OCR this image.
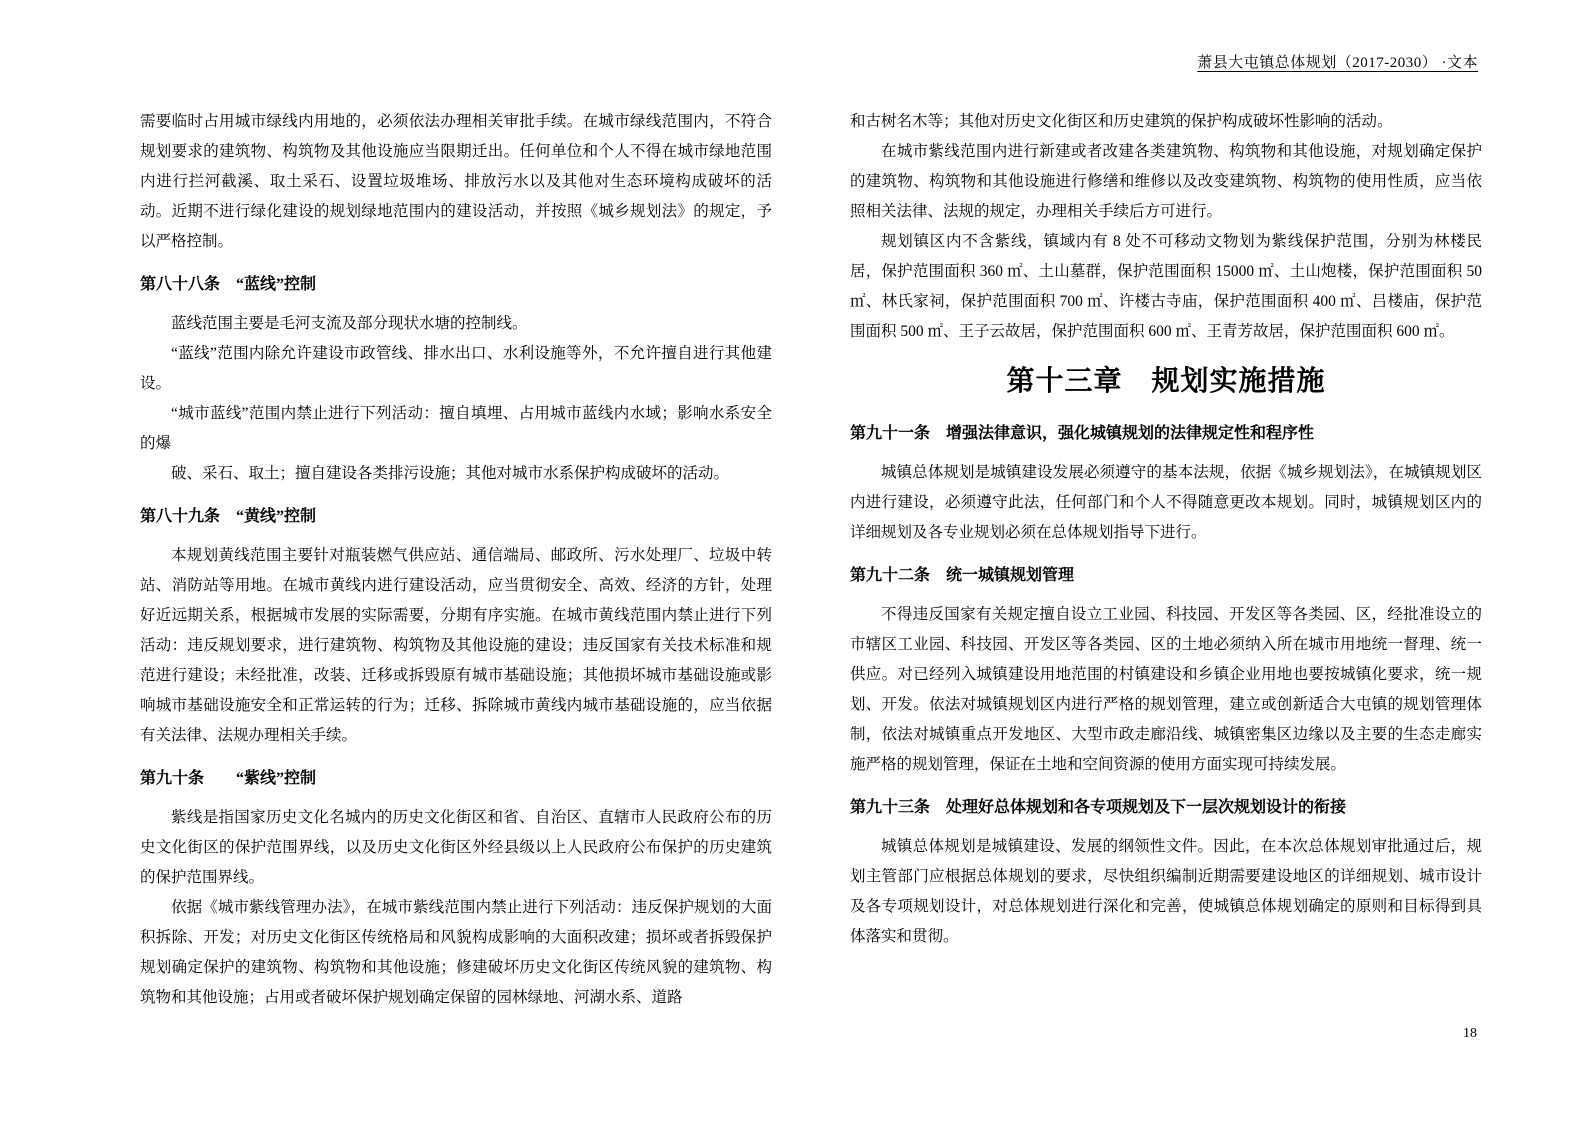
萧县大屯镇总体规划（2017-2030） ·文本

需要临时占用城市绿线内用地的，必须依法办理相关审批手续。在城市绿线范围内，不符合规划要求的建筑物、构筑物及其他设施应当限期迁出。任何单位和个人不得在城市绿地范围内进行拦河截溪、取土采石、设置垃圾堆场、排放污水以及其他对生态环境构成破坏的活动。近期不进行绿化建设的规划绿地范围内的建设活动，并按照《城乡规划法》的规定，予以严格控制。

第八十八条　“蓝线”控制

蓝线范围主要是毛河支流及部分现状水塘的控制线。

“蓝线”范围内除允许建设市政管线、排水出口、水利设施等外，不允许擅自进行其他建设。

“城市蓝线”范围内禁止进行下列活动：擅自填埋、占用城市蓝线内水域；影响水系安全的爆

破、采石、取土；擅自建设各类排污设施；其他对城市水系保护构成破坏的活动。

第八十九条　“黄线”控制

本规划黄线范围主要针对瓶装燃气供应站、通信端局、邮政所、污水处理厂、垃圾中转站、消防站等用地。在城市黄线内进行建设活动，应当贯彻安全、高效、经济的方针，处理好近远期关系，根据城市发展的实际需要，分期有序实施。在城市黄线范围内禁止进行下列活动：违反规划要求，进行建筑物、构筑物及其他设施的建设；违反国家有关技术标准和规范进行建设；未经批准，改装、迁移或拆毁原有城市基础设施；其他损坏城市基础设施或影响城市基础设施安全和正常运转的行为；迁移、拆除城市黄线内城市基础设施的，应当依据有关法律、法规办理相关手续。

第九十条　　“紫线”控制

紫线是指国家历史文化名城内的历史文化街区和省、自治区、直辖市人民政府公布的历史文化街区的保护范围界线，以及历史文化街区外经县级以上人民政府公布保护的历史建筑的保护范围界线。

依据《城市紫线管理办法》，在城市紫线范围内禁止进行下列活动：违反保护规划的大面积拆除、开发；对历史文化街区传统格局和风貌构成影响的大面积改建；损坏或者拆毁保护规划确定保护的建筑物、构筑物和其他设施；修建破坏历史文化街区传统风貌的建筑物、构筑物和其他设施；占用或者破坏保护规划确定保留的园林绿地、河湖水系、道路

和古树名木等；其他对历史文化街区和历史建筑的保护构成破坏性影响的活动。

在城市紫线范围内进行新建或者改建各类建筑物、构筑物和其他设施，对规划确定保护的建筑物、构筑物和其他设施进行修缮和维修以及改变建筑物、构筑物的使用性质，应当依照相关法律、法规的规定，办理相关手续后方可进行。

规划镇区内不含紫线，镇域内有 8 处不可移动文物划为紫线保护范围，分别为林楼民居，保护范围面积 360 ㎡、土山墓群，保护范围面积 15000 ㎡、土山炮楼，保护范围面积 50 ㎡、林氏家祠，保护范围面积 700 ㎡、许楼古寺庙，保护范围面积 400 ㎡、吕楼庙，保护范围面积 500 ㎡、王子云故居，保护范围面积 600 ㎡、王青芳故居，保护范围面积 600 ㎡。

第十三章　规划实施措施
第九十一条　增强法律意识，强化城镇规划的法律规定性和程序性

城镇总体规划是城镇建设发展必须遵守的基本法规，依据《城乡规划法》，在城镇规划区内进行建设，必须遵守此法，任何部门和个人不得随意更改本规划。同时，城镇规划区内的详细规划及各专业规划必须在总体规划指导下进行。

第九十二条　统一城镇规划管理

不得违反国家有关规定擅自设立工业园、科技园、开发区等各类园、区，经批准设立的市辖区工业园、科技园、开发区等各类园、区的土地必须纳入所在城市用地统一督理、统一供应。对已经列入城镇建设用地范围的村镇建设和乡镇企业用地也要按城镇化要求，统一规划、开发。依法对城镇规划区内进行严格的规划管理，建立或创新适合大屯镇的规划管理体制，依法对城镇重点开发地区、大型市政走廊沿线、城镇密集区边缘以及主要的生态走廊实施严格的规划管理，保证在土地和空间资源的使用方面实现可持续发展。

第九十三条　处理好总体规划和各专项规划及下一层次规划设计的衔接

城镇总体规划是城镇建设、发展的纲领性文件。因此，在本次总体规划审批通过后，规划主管部门应根据总体规划的要求，尽快组织编制近期需要建设地区的详细规划、城市设计及各专项规划设计，对总体规划进行深化和完善，使城镇总体规划确定的原则和目标得到具体落实和贯彻。

18
